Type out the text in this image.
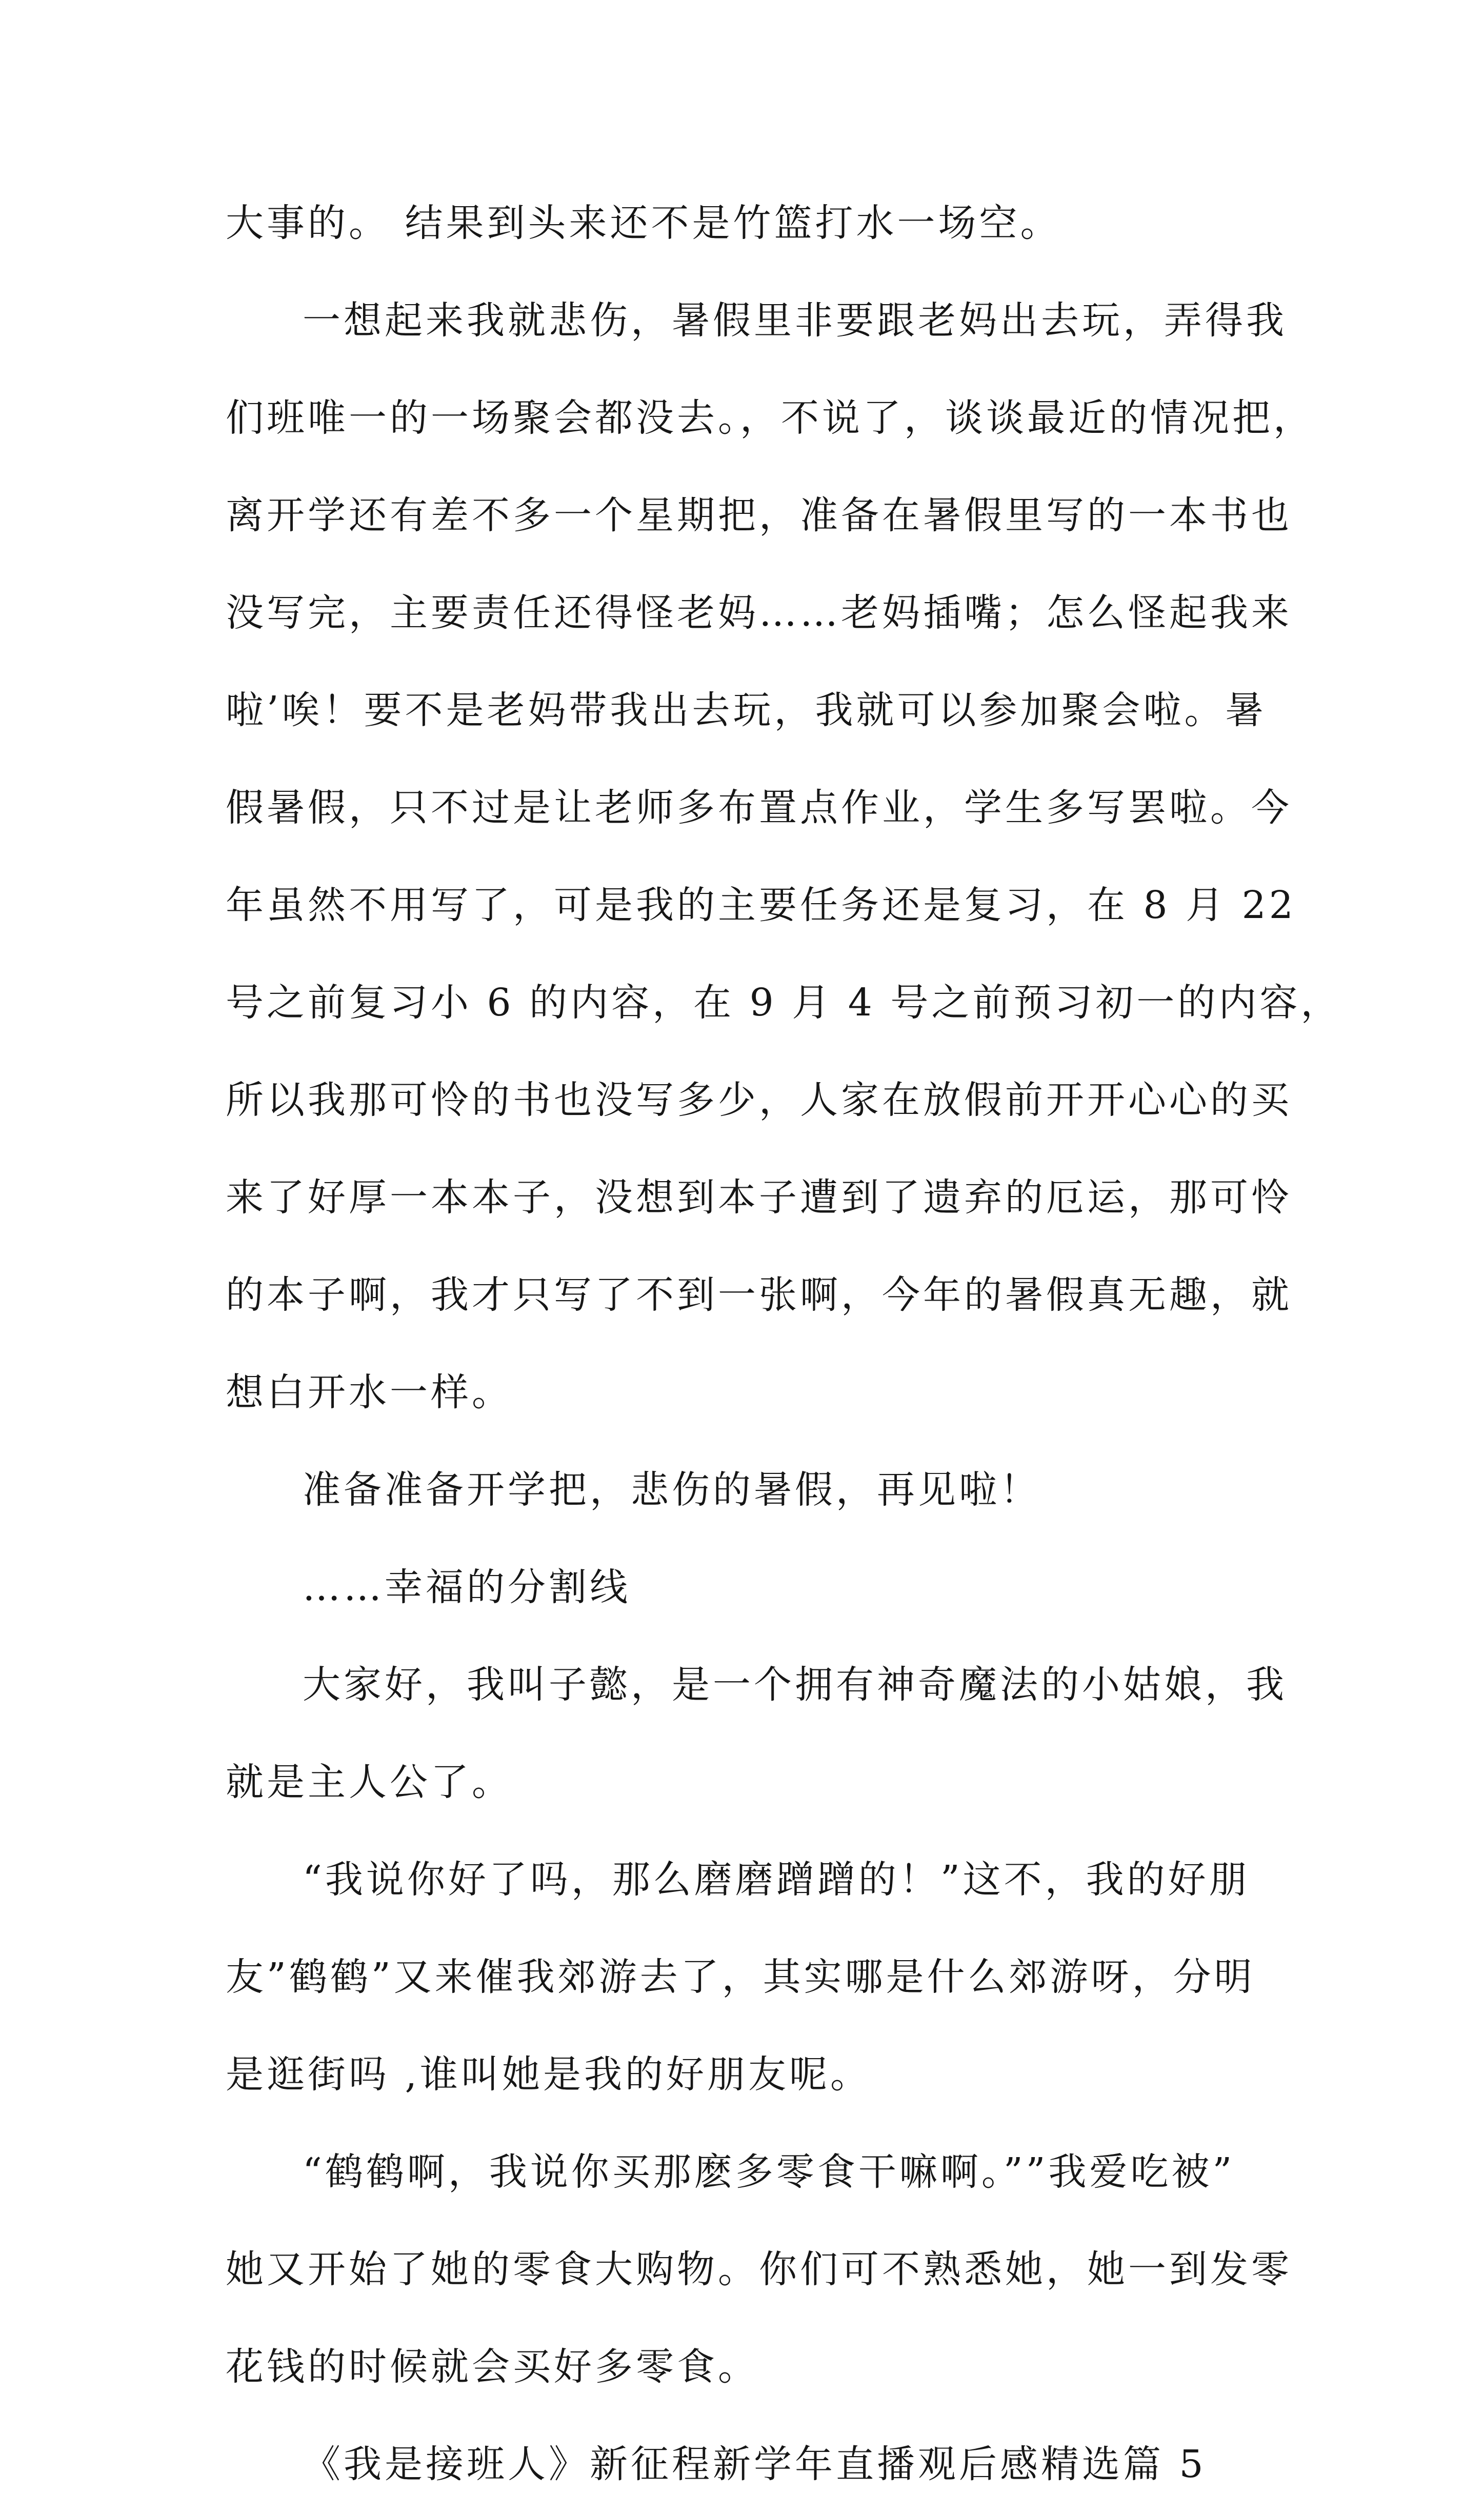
大事的。 结果到头来还不是竹篮打水一场空。
一想起来我就悲伤，暑假里非要跟老妈出去玩，弄得我
们班唯一的一场聚会都没去。，不说了，谈谈最近的情况把，
离开学还有差不多一个星期把，准备在暑假里写的一本书也
没写完，主要责任还得怪老妈……老妈插嘴；怎么怪起我来
啦’唉！要不是老妈带我出去玩，我就可以参加聚会啦。暑
假暑假，只不过是让老师多布置点作业，学生多写罢啦。今
年虽然不用写了，可是我的主要任务还是复习，在 8 月 22
号之前复习小 6 的内容，在 9 月 4 号之前预习初一的内容，
所以我那可怜的书也没写多少，人家在放假前开开心心的买
来了好厚一本本子，没想到本子遭到了遗弃的厄运，那可怜
的本子啊，我才只写了不到一张啊，今年的暑假真无趣，就
想白开水一样。
准备准备开学把，悲伤的暑假，再见啦！
……幸福的分割线
大家好，我叫子懿，是一个拥有神奇魔法的小姑娘，我
就是主人公了。
“我说你好了吗，那么磨磨蹭蹭的！”这不，我的好朋
友”鹤鹤”又来催我郊游去了，其实哪是什么郊游呀，分明
是逛街吗 ,谁叫她是我的好朋友呢。
“鹤鹤啊，我说你买那麽多零食干嘛啊。””我爱吃被”
她又开始了她的零食大购物。你们可不熟悉她，她一到发零
花钱的时候就会买好多零食。
《我是接班人》新征程新学年直播观后感精选篇 5
